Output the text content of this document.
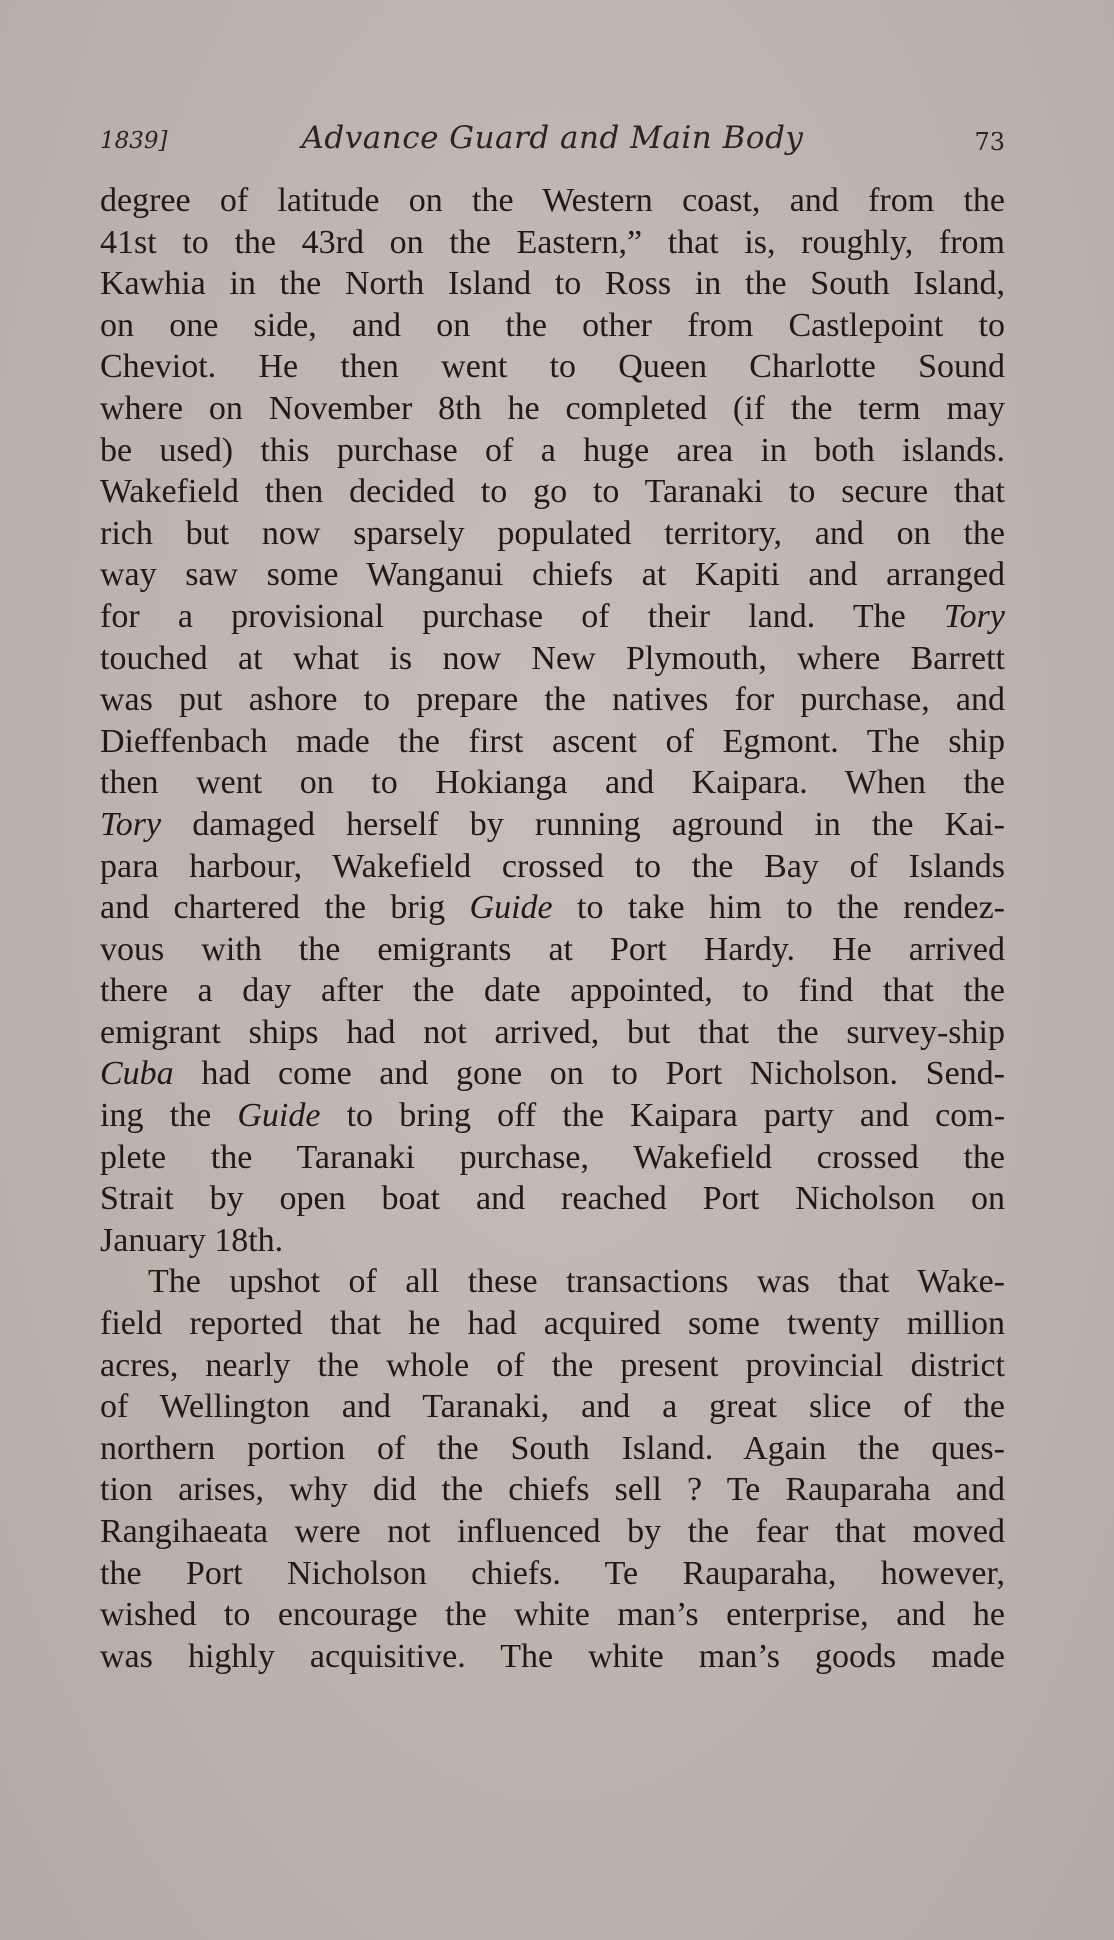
1839]	Advance Guard and Main Body	73
degree of latitude on the Western coast, and from the
41st to the 43rd on the Eastern,” that is, roughly, from
Kawhia in the North Island to Ross in the South Island,
on one side, and on the other from Castlepoint to
Cheviot. He then went to Queen Charlotte Sound
where on November 8th he completed (if the term may
be used) this purchase of a huge area in both islands.
Wakefield then decided to go to Taranaki to secure that
rich but now sparsely populated territory, and on the
way saw some Wanganui chiefs at Kapiti and arranged
for a provisional purchase of their land. The Tory
touched at what is now New Plymouth, where Barrett
was put ashore to prepare the natives for purchase, and
Dieffenbach made the first ascent of Egmont. The ship
then went on to Hokianga and Kaipara. When the
Tory damaged herself by running aground in the Kai-
para harbour, Wakefield crossed to the Bay of Islands
and chartered the brig Guide to take him to the rendez-
vous with the emigrants at Port Hardy. He arrived
there a day after the date appointed, to find that the
emigrant ships had not arrived, but that the survey-ship
Cuba had come and gone on to Port Nicholson. Send-
ing the Guide to bring off the Kaipara party and com-
plete the Taranaki purchase, Wakefield crossed the
Strait by open boat and reached Port Nicholson on
January 18th.
The upshot of all these transactions was that Wake-
field reported that he had acquired some twenty million
acres, nearly the whole of the present provincial district
of Wellington and Taranaki, and a great slice of the
northern portion of the South Island. Again the ques-
tion arises, why did the chiefs sell ? Te Rauparaha and
Rangihaeata were not influenced by the fear that moved
the Port Nicholson chiefs. Te Rauparaha, however,
wished to encourage the white man’s enterprise, and he
was highly acquisitive. The white man’s goods made
